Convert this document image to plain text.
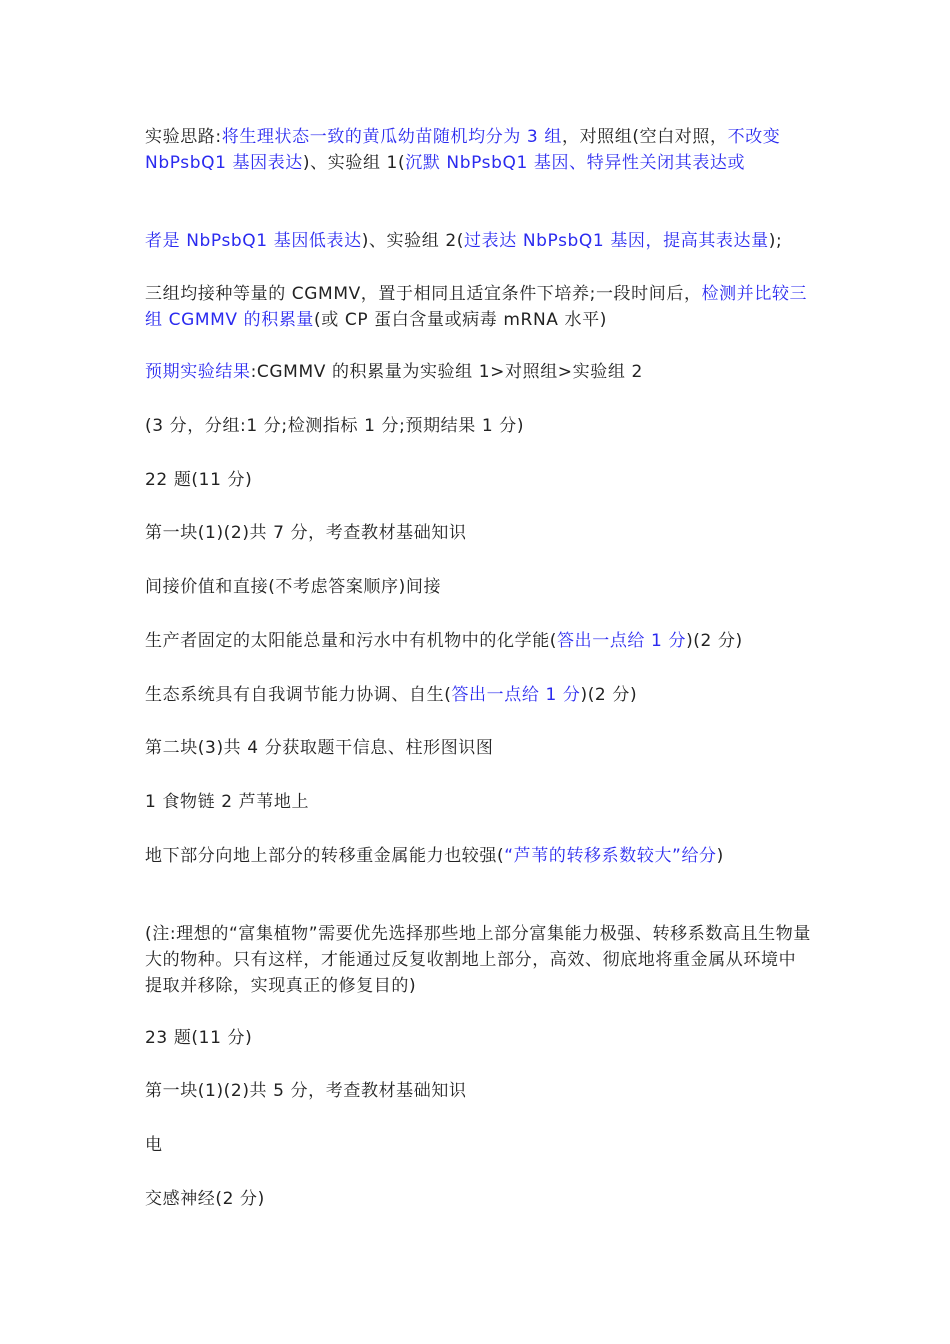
实验思路:将生理状态一致的黄瓜幼苗随机均分为 3 组，对照组(空白对照，不改变 NbPsbQ1 基因表达)、实验组 1(沉默 NbPsbQ1 基因、特异性关闭其表达或

者是 NbPsbQ1 基因低表达)、实验组 2(过表达 NbPsbQ1 基因，提高其表达量);

三组均接种等量的 CGMMV，置于相同且适宜条件下培养;一段时间后，检测并比较三组 CGMMV 的积累量(或 CP 蛋白含量或病毒 mRNA 水平)

预期实验结果:CGMMV 的积累量为实验组 1>对照组>实验组 2

(3 分，分组:1 分;检测指标 1 分;预期结果 1 分)

22 题(11 分)

第一块(1)(2)共 7 分，考查教材基础知识

间接价值和直接(不考虑答案顺序)间接

生产者固定的太阳能总量和污水中有机物中的化学能(答出一点给 1 分)(2 分)

生态系统具有自我调节能力协调、自生(答出一点给 1 分)(2 分)

第二块(3)共 4 分获取题干信息、柱形图识图

1 食物链 2 芦苇地上

地下部分向地上部分的转移重金属能力也较强(“芦苇的转移系数较大”给分)

(注:理想的“富集植物”需要优先选择那些地上部分富集能力极强、转移系数高且生物量大的物种。只有这样，才能通过反复收割地上部分，高效、彻底地将重金属从环境中提取并移除，实现真正的修复目的)

23 题(11 分)

第一块(1)(2)共 5 分，考查教材基础知识

电

交感神经(2 分)
